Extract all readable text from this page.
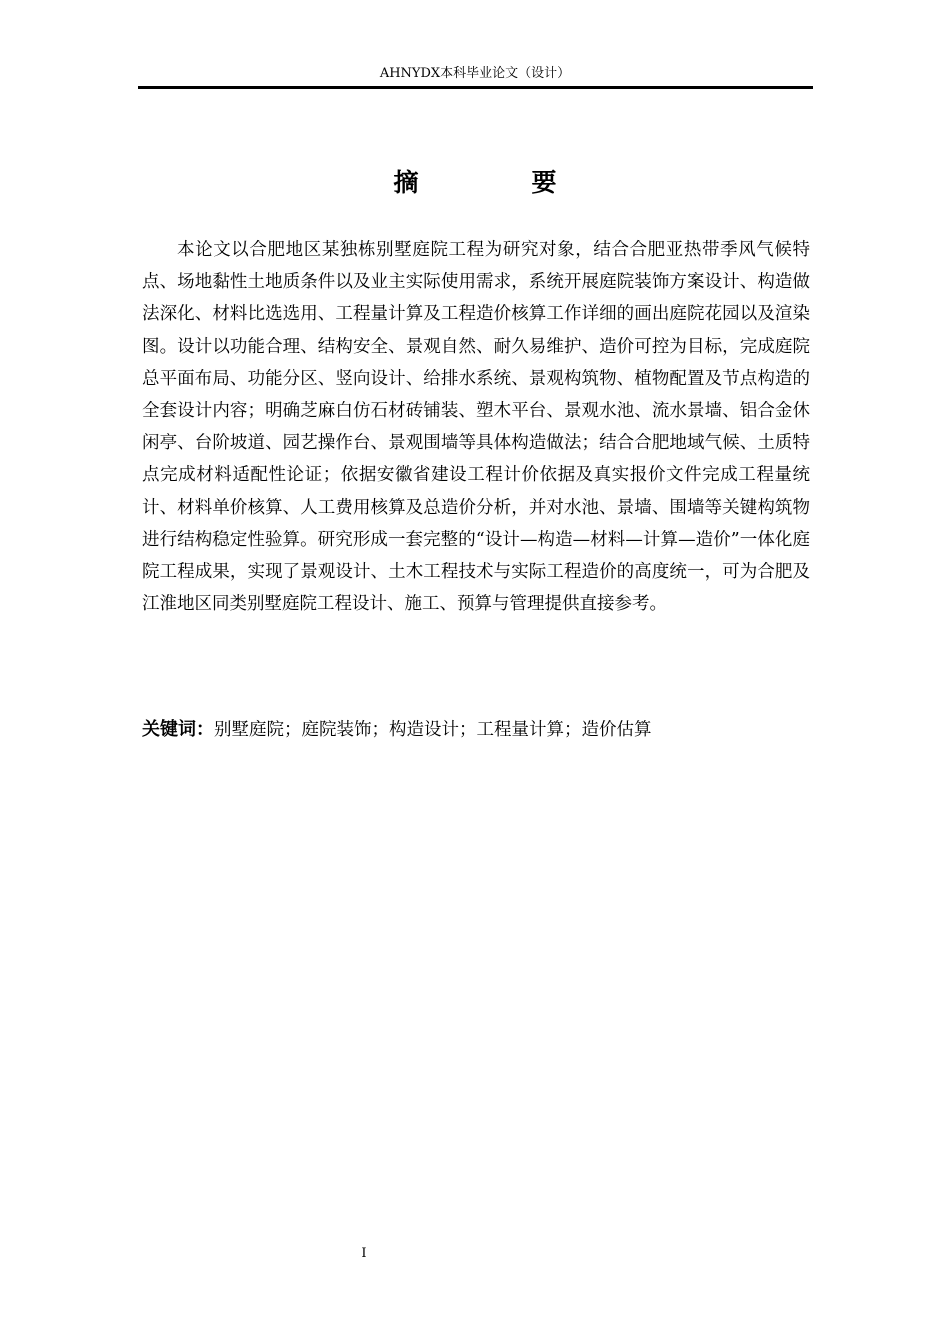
AHNYDX本科毕业论文（设计）
摘　要

本论文以合肥地区某独栋别墅庭院工程为研究对象，结合合肥亚热带季风气候特点、场地黏性土地质条件以及业主实际使用需求，系统开展庭院装饰方案设计、构造做法深化、材料比选选用、工程量计算及工程造价核算工作详细的画出庭院花园以及渲染图。设计以功能合理、结构安全、景观自然、耐久易维护、造价可控为目标，完成庭院总平面布局、功能分区、竖向设计、给排水系统、景观构筑物、植物配置及节点构造的全套设计内容；明确芝麻白仿石材砖铺装、塑木平台、景观水池、流水景墙、铝合金休闲亭、台阶坡道、园艺操作台、景观围墙等具体构造做法；结合合肥地域气候、土质特点完成材料适配性论证；依据安徽省建设工程计价依据及真实报价文件完成工程量统计、材料单价核算、人工费用核算及总造价分析，并对水池、景墙、围墙等关键构筑物进行结构稳定性验算。研究形成一套完整的“设计—构造—材料—计算—造价”一体化庭院工程成果，实现了景观设计、土木工程技术与实际工程造价的高度统一，可为合肥及江淮地区同类别墅庭院工程设计、施工、预算与管理提供直接参考。

关键词：别墅庭院；庭院装饰；构造设计；工程量计算；造价估算
I
